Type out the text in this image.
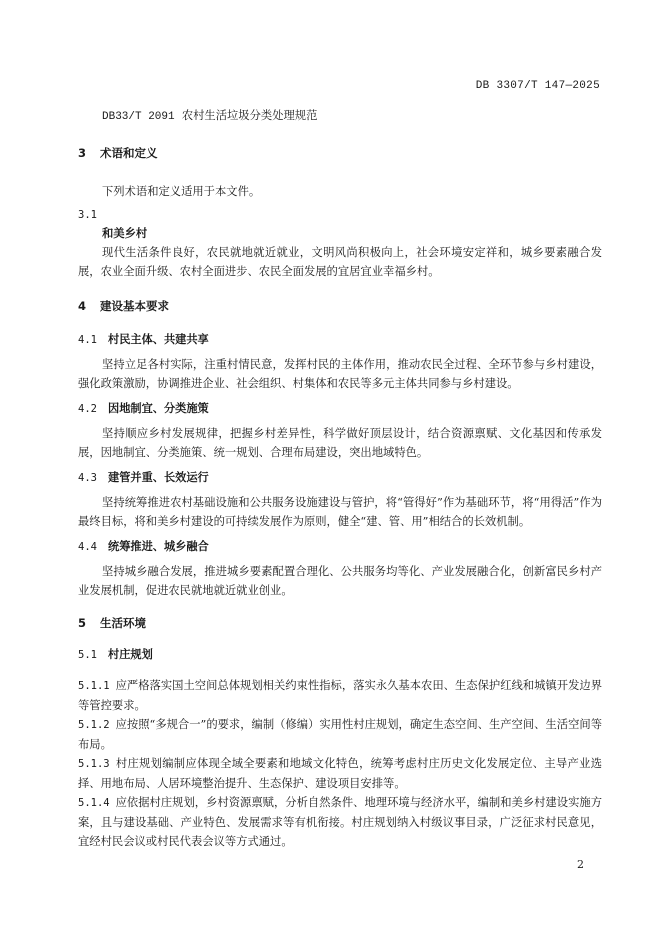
DB 3307/T 147—2025
DB33/T 2091 农村生活垃圾分类处理规范
3 术语和定义
下列术语和定义适用于本文件。
3.1
和美乡村
现代生活条件良好，农民就地就近就业，文明风尚积极向上，社会环境安定祥和，城乡要素融合发展，农业全面升级、农村全面进步、农民全面发展的宜居宜业幸福乡村。
4 建设基本要求
4.1 村民主体、共建共享
坚持立足各村实际，注重村情民意，发挥村民的主体作用，推动农民全过程、全环节参与乡村建设，强化政策激励，协调推进企业、社会组织、村集体和农民等多元主体共同参与乡村建设。
4.2 因地制宜、分类施策
坚持顺应乡村发展规律，把握乡村差异性，科学做好顶层设计，结合资源禀赋、文化基因和传承发展，因地制宜、分类施策、统一规划、合理布局建设，突出地域特色。
4.3 建管并重、长效运行
坚持统筹推进农村基础设施和公共服务设施建设与管护，将“管得好”作为基础环节，将“用得活”作为最终目标，将和美乡村建设的可持续发展作为原则，健全“建、管、用”相结合的长效机制。
4.4 统筹推进、城乡融合
坚持城乡融合发展，推进城乡要素配置合理化、公共服务均等化、产业发展融合化，创新富民乡村产业发展机制，促进农民就地就近就业创业。
5 生活环境
5.1 村庄规划
5.1.1 应严格落实国土空间总体规划相关约束性指标，落实永久基本农田、生态保护红线和城镇开发边界等管控要求。
5.1.2 应按照“多规合一”的要求，编制（修编）实用性村庄规划，确定生态空间、生产空间、生活空间等布局。
5.1.3 村庄规划编制应体现全域全要素和地域文化特色，统筹考虑村庄历史文化发展定位、主导产业选择、用地布局、人居环境整治提升、生态保护、建设项目安排等。
5.1.4 应依据村庄规划，乡村资源禀赋，分析自然条件、地理环境与经济水平，编制和美乡村建设实施方案，且与建设基础、产业特色、发展需求等有机衔接。村庄规划纳入村级议事目录，广泛征求村民意见，宜经村民会议或村民代表会议等方式通过。
2
